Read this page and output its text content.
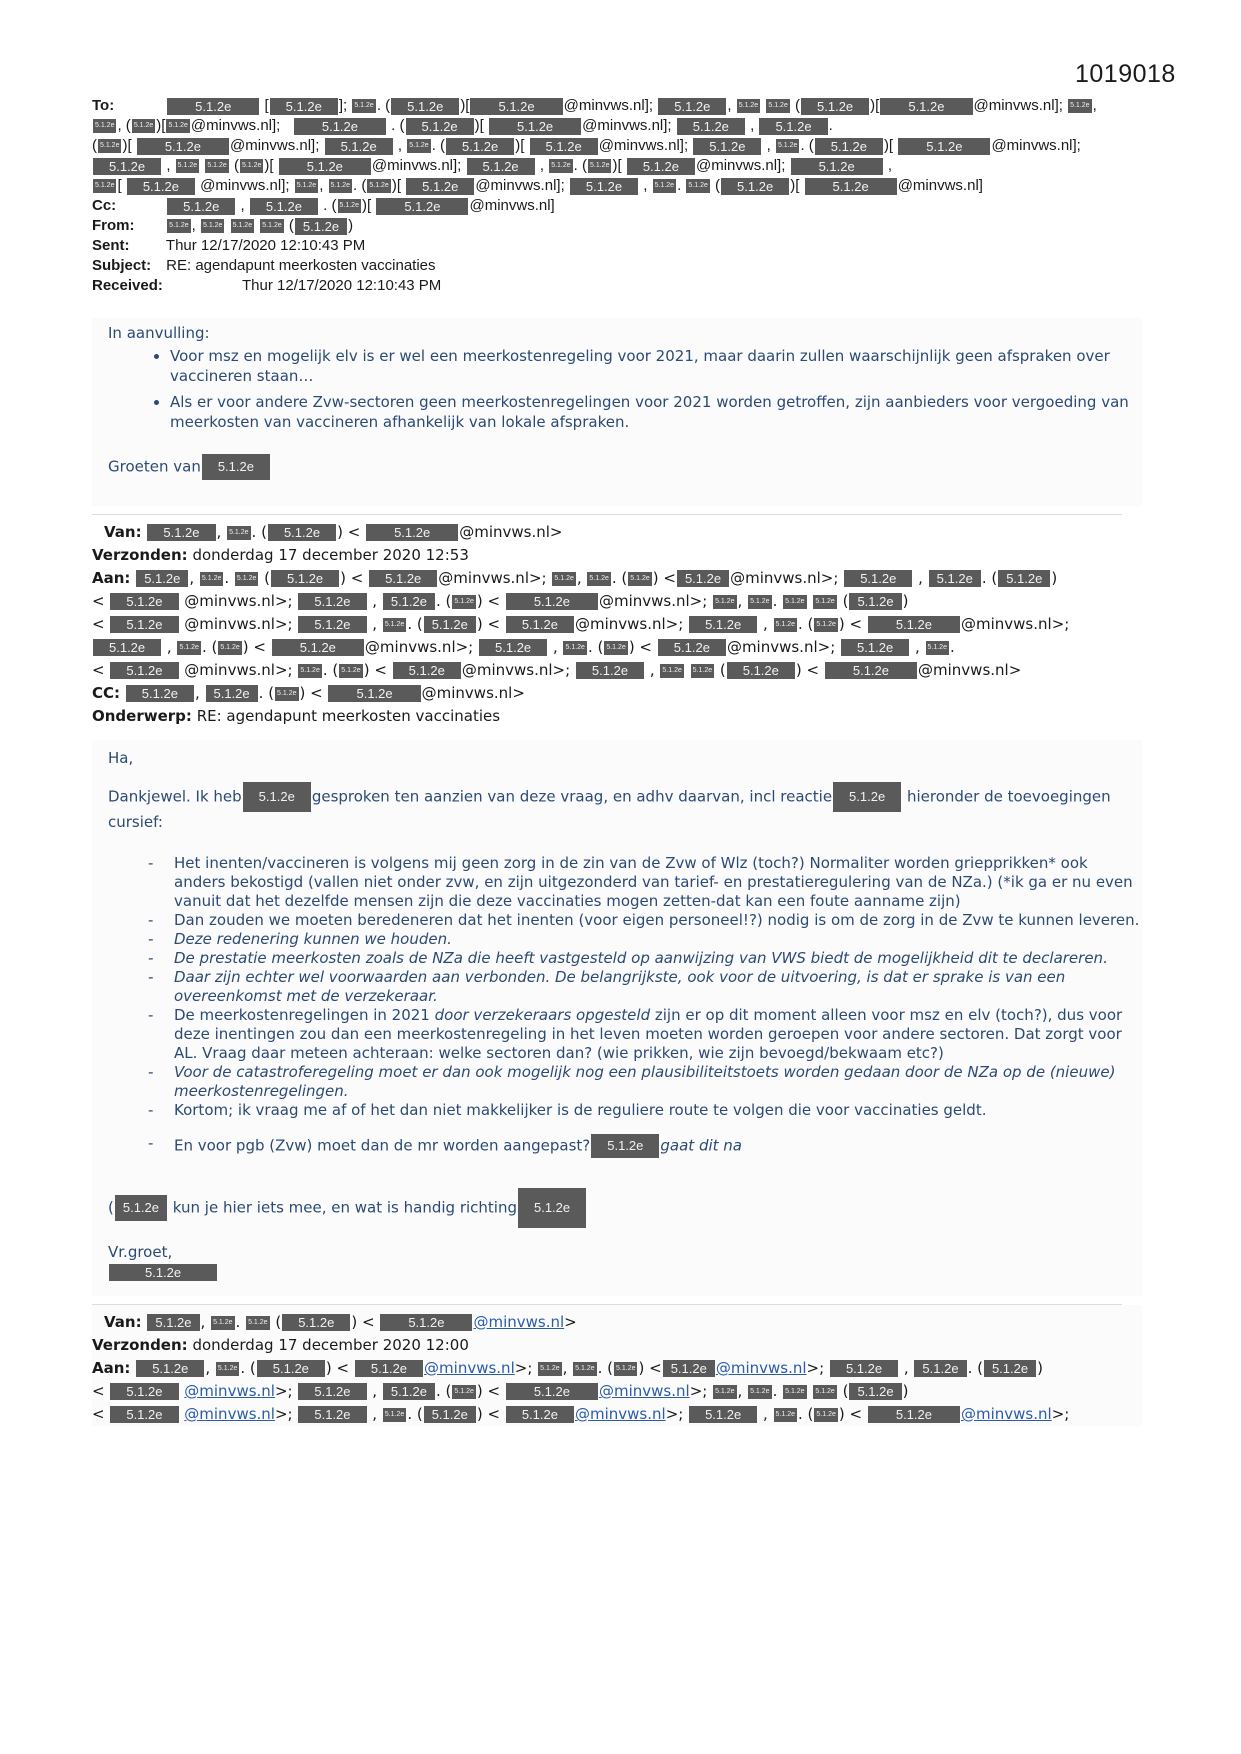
1019018
To:	5.1.2e [ 5.1.2e ]; 5.1.2e . ( 5.1.2e )[ 5.1.2e @minvws.nl]; 5.1.2e , 5.1.2e 5.1.2e ( 5.1.2e )[ 5.1.2e @minvws.nl]; 5.1.2e ,
5.1.2e , ( 5.1.2e )[ 5.1.2e @minvws.nl];	5.1.2e . ( 5.1.2e )[ 5.1.2e @minvws.nl]; 5.1.2e , 5.1.2e .
( 5.1.2e )[ 5.1.2e @minvws.nl]; 5.1.2e , 5.1.2e . ( 5.1.2e )[ 5.1.2e @minvws.nl]; 5.1.2e , 5.1.2e . ( 5.1.2e )[ 5.1.2e @minvws.nl];
5.1.2e , 5.1.2e 5.1.2e ( 5.1.2e )[ 5.1.2e @minvws.nl]; 5.1.2e , 5.1.2e . ( 5.1.2e )[ 5.1.2e @minvws.nl];	5.1.2e ,
5.1.2e [ 5.1.2e @minvws.nl]; 5.1.2e , 5.1.2e . ( 5.1.2e )[ 5.1.2e @minvws.nl]; 5.1.2e , 5.1.2e . 5.1.2e ( 5.1.2e )[ 5.1.2e @minvws.nl]
Cc:	5.1.2e , 5.1.2e . ( 5.1.2e )[ 5.1.2e @minvws.nl]
From:	5.1.2e , 5.1.2e 5.1.2e 5.1.2e ( 5.1.2e )
Sent: Thur 12/17/2020 12:10:43 PM
Subject: RE: agendapunt meerkosten vaccinaties
Received:	Thur 12/17/2020 12:10:43 PM
In aanvulling:
• Voor msz en mogelijk elv is er wel een meerkostenregeling voor 2021, maar daarin zullen waarschijnlijk geen afspraken over vaccineren staan…
• Als er voor andere Zvw-sectoren geen meerkostenregelingen voor 2021 worden getroffen, zijn aanbieders voor vergoeding van meerkosten van vaccineren afhankelijk van lokale afspraken.
Groeten van 5.1.2e
Van: 5.1.2e , 5.1.2e . ( 5.1.2e ) < 5.1.2e @minvws.nl>
Verzonden: donderdag 17 december 2020 12:53
Aan: 5.1.2e , 5.1.2e . 5.1.2e ( 5.1.2e ) < 5.1.2e @minvws.nl>; 5.1.2e , 5.1.2e . ( 5.1.2e ) < 5.1.2e @minvws.nl>; 5.1.2e , 5.1.2e . ( 5.1.2e )
< 5.1.2e @minvws.nl>; 5.1.2e , 5.1.2e . ( 5.1.2e ) < 5.1.2e @minvws.nl>; 5.1.2e , 5.1.2e . 5.1.2e 5.1.2e ( 5.1.2e )
< 5.1.2e @minvws.nl>; 5.1.2e , 5.1.2e . ( 5.1.2e ) < 5.1.2e @minvws.nl>; 5.1.2e , 5.1.2e . ( 5.1.2e ) < 5.1.2e @minvws.nl>;
5.1.2e , 5.1.2e . ( 5.1.2e ) < 5.1.2e @minvws.nl>; 5.1.2e , 5.1.2e . ( 5.1.2e ) < 5.1.2e @minvws.nl>; 5.1.2e , 5.1.2e .
< 5.1.2e @minvws.nl>; 5.1.2e . ( 5.1.2e ) < 5.1.2e @minvws.nl>; 5.1.2e , 5.1.2e 5.1.2e ( 5.1.2e ) < 5.1.2e @minvws.nl>
CC: 5.1.2e , 5.1.2e . ( 5.1.2e ) < 5.1.2e @minvws.nl>
Onderwerp: RE: agendapunt meerkosten vaccinaties

Ha,

Dankjewel. Ik heb 5.1.2e gesproken ten aanzien van deze vraag, en adhv daarvan, incl reactie 5.1.2e hieronder de toevoegingen cursief:

- Het inenten/vaccineren is volgens mij geen zorg in de zin van de Zvw of Wlz (toch?) Normaliter worden griepprikken* ook anders bekostigd (vallen niet onder zvw, en zijn uitgezonderd van tarief- en prestatieregulering van de NZa.) (*ik ga er nu even vanuit dat het dezelfde mensen zijn die deze vaccinaties mogen zetten-dat kan een foute aanname zijn)
- Dan zouden we moeten beredeneren dat het inenten (voor eigen personeel!?) nodig is om de zorg in de Zvw te kunnen leveren.
- Deze redenering kunnen we houden.
- De prestatie meerkosten zoals de NZa die heeft vastgesteld op aanwijzing van VWS biedt de mogelijkheid dit te declareren.
- Daar zijn echter wel voorwaarden aan verbonden. De belangrijkste, ook voor de uitvoering, is dat er sprake is van een overeenkomst met de verzekeraar.
- De meerkostenregelingen in 2021 door verzekeraars opgesteld zijn er op dit moment alleen voor msz en elv (toch?), dus voor deze inentingen zou dan een meerkostenregeling in het leven moeten worden geroepen voor andere sectoren. Dat zorgt voor AL. Vraag daar meteen achteraan: welke sectoren dan? (wie prikken, wie zijn bevoegd/bekwaam etc?)
- Voor de catastroferegeling moet er dan ook mogelijk nog een plausibiliteitstoets worden gedaan door de NZa op de (nieuwe) meerkostenregelingen.
- Kortom; ik vraag me af of het dan niet makkelijker is de reguliere route te volgen die voor vaccinaties geldt.
- En voor pgb (Zvw) moet dan de mr worden aangepast? 5.1.2e gaat dit na

( 5.1.2e kun je hier iets mee, en wat is handig richting 5.1.2e

Vr.groet,
5.1.2e

Van: 5.1.2e , 5.1.2e . 5.1.2e ( 5.1.2e ) < 5.1.2e @minvws.nl>
Verzonden: donderdag 17 december 2020 12:00
Aan: 5.1.2e , 5.1.2e . ( 5.1.2e ) < 5.1.2e @minvws.nl>; 5.1.2e , 5.1.2e . ( 5.1.2e ) < 5.1.2e @minvws.nl>; 5.1.2e , 5.1.2e . ( 5.1.2e )
< 5.1.2e @minvws.nl>; 5.1.2e , 5.1.2e . ( 5.1.2e ) < 5.1.2e @minvws.nl>; 5.1.2e , 5.1.2e . 5.1.2e 5.1.2e ( 5.1.2e )
< 5.1.2e @minvws.nl>; 5.1.2e , 5.1.2e . ( 5.1.2e ) < 5.1.2e @minvws.nl>; 5.1.2e , 5.1.2e . ( 5.1.2e ) < 5.1.2e @minvws.nl>;
